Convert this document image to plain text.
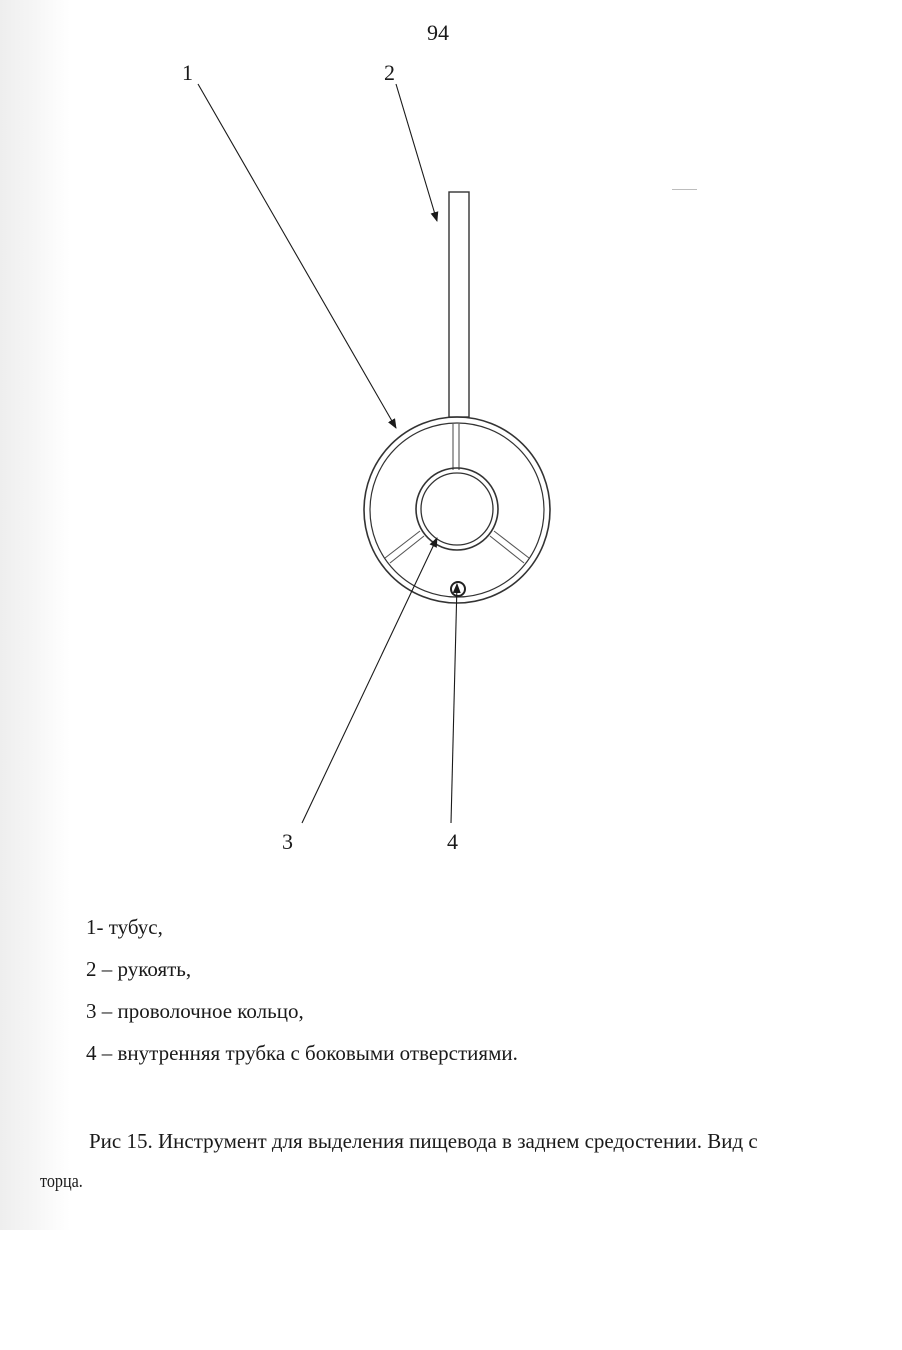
94
1	2
3	4
1- тубус,
2 – рукоять,
3 – проволочное кольцо,
4 – внутренняя трубка с боковыми отверстиями.
Рис 15. Инструмент для выделения пищевода в заднем средостении. Вид с
торца.
